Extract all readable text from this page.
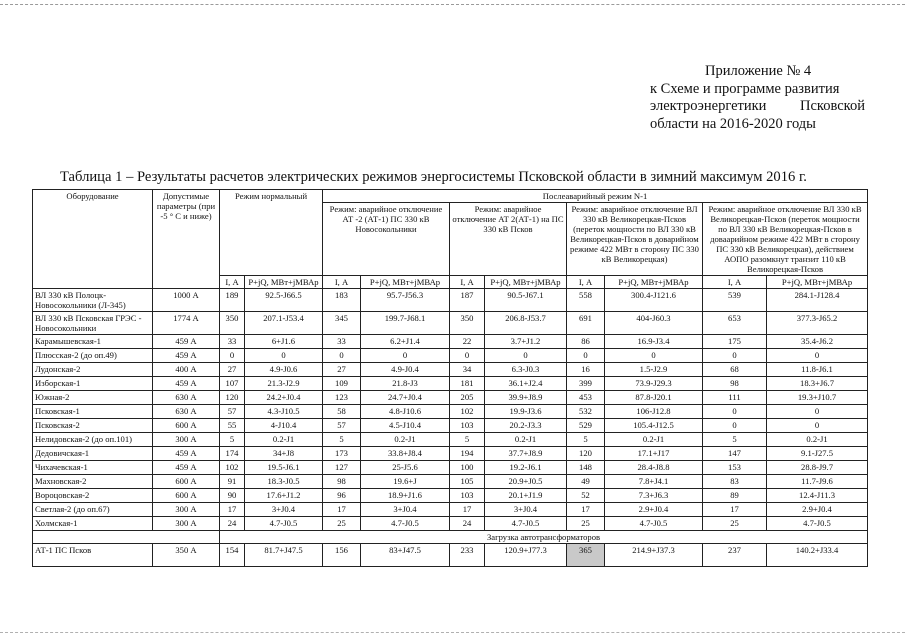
Приложение № 4
к Схеме и программе развития
электроэнергетики Псковской
области на 2016-2020 годы
Таблица 1 – Результаты расчетов электрических режимов энергосистемы Псковской области в зимний максимум 2016 г.
Оборудование	Допустимые параметры (при -5 ° С и ниже)	Режим нормальный		Послеаварийный режим N-1							
				Режим: аварийное отключение АТ -2 (АТ-1) ПС 330 кВ Новосокольники		Режим: аварийное отключение АТ 2(АТ-1) на ПС 330 кВ Псков		Режим: аварийное отключение ВЛ 330 кВ Великорецкая-Псков (переток мощности по ВЛ 330 кВ Великорецкая-Псков в доварийном режиме 422 МВт в сторону ПС 330 кВ Великорецкая)		Режим: аварийное отключение ВЛ 330 кВ Великорецкая-Псков (переток мощности по ВЛ 330 кВ Великорецкая-Псков в доваарийном режиме 422 МВт в сторону ПС 330 кВ Великорецкая), действием АОПО разомкнут транзит 110 кВ Великорецкая-Псков	
		I, А	P+jQ, МВт+jМВАр	I, А	P+jQ, МВт+jМВАр	I, А	P+jQ, МВт+jМВАр	I, А	P+jQ, МВт+jМВАр	I, А	P+jQ, МВт+jМВАр
ВЛ 330 кВ Полоцк-Новосокольники (Л-345)	1000 А	189	92.5-J66.5	183	95.7-J56.3	187	90.5-J67.1	558	300.4-J121.6	539	284.1-J128.4
ВЛ 330 кВ Псковская ГРЭС - Новосокольники	1774 А	350	207.1-J53.4	345	199.7-J68.1	350	206.8-J53.7	691	404-J60.3	653	377.3-J65.2
Карамышевская-1	459 А	33	6+J1.6	33	6.2+J1.4	22	3.7+J1.2	86	16.9-J3.4	175	35.4-J6.2
Плюсская-2 (до оп.49)	459 А	0	0	0	0	0	0	0	0	0	0
Лудонская-2	400 А	27	4.9-J0.6	27	4.9-J0.4	34	6.3-J0.3	16	1.5-J2.9	68	11.8-J6.1
Изборская-1	459 А	107	21.3-J2.9	109	21.8-J3	181	36.1+J2.4	399	73.9-J29.3	98	18.3+J6.7
Южная-2	630 А	120	24.2+J0.4	123	24.7+J0.4	205	39.9+J8.9	453	87.8-J20.1	111	19.3+J10.7
Псковская-1	630 А	57	4.3-J10.5	58	4.8-J10.6	102	19.9-J3.6	532	106-J12.8	0	0
Псковская-2	600 А	55	4-J10.4	57	4.5-J10.4	103	20.2-J3.3	529	105.4-J12.5	0	0
Нелидовская-2 (до оп.101)	300 А	5	0.2-J1	5	0.2-J1	5	0.2-J1	5	0.2-J1	5	0.2-J1
Дедовичская-1	459 А	174	34+J8	173	33.8+J8.4	194	37.7+J8.9	120	17.1+J17	147	9.1-J27.5
Чихачевская-1	459 А	102	19.5-J6.1	127	25-J5.6	100	19.2-J6.1	148	28.4-J8.8	153	28.8-J9.7
Махновская-2	600 А	91	18.3-J0.5	98	19.6+J	105	20.9+J0.5	49	7.8+J4.1	83	11.7-J9.6
Вороцовская-2	600 А	90	17.6+J1.2	96	18.9+J1.6	103	20.1+J1.9	52	7.3+J6.3	89	12.4-J11.3
Светлая-2 (до оп.67)	300 А	17	3+J0.4	17	3+J0.4	17	3+J0.4	17	2.9+J0.4	17	2.9+J0.4
Холмская-1	300 А	24	4.7-J0.5	25	4.7-J0.5	24	4.7-J0.5	25	4.7-J0.5	25	4.7-J0.5
		Загрузка автотрансформаторов									
АТ-1 ПС Псков	350 А	154	81.7+J47.5	156	83+J47.5	233	120.9+J77.3	365	214.9+J37.3	237	140.2+J33.4
